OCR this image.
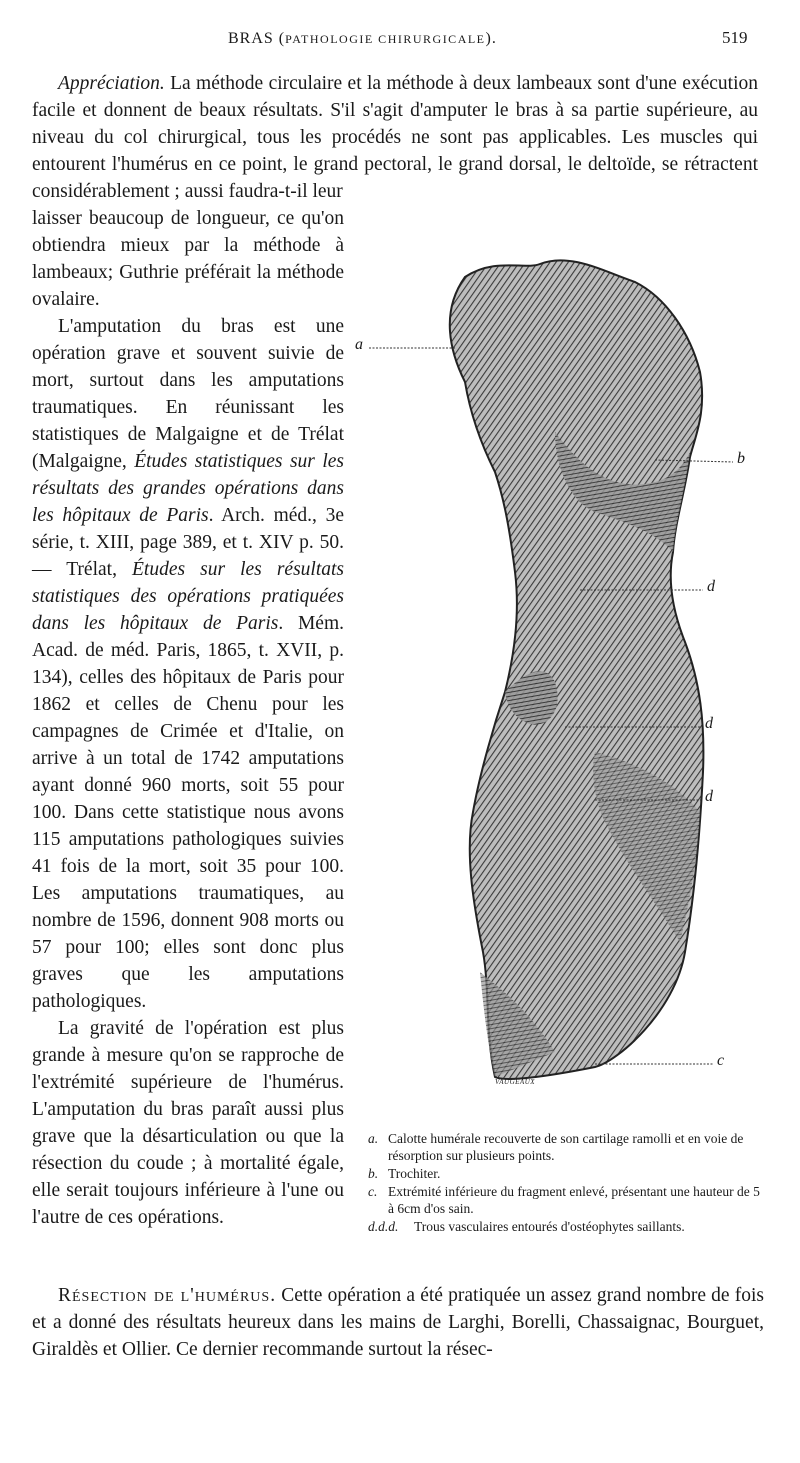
BRAS (PATHOLOGIE CHIRURGICALE).	519

Appréciation. La méthode circulaire et la méthode à deux lambeaux sont d'une exécution facile et donnent de beaux résultats. S'il s'agit d'amputer le bras à sa partie supérieure, au niveau du col chirurgical, tous les procédés ne sont pas applicables. Les muscles qui entourent l'humérus en ce point, le grand pectoral, le grand dorsal, le deltoïde, se rétractent considérablement ; aussi faudra-t-il leur

laisser beaucoup de longueur, ce qu'on obtiendra mieux par la méthode à lambeaux; Guthrie préférait la méthode ovalaire.

L'amputation du bras est une opération grave et souvent suivie de mort, surtout dans les amputations traumatiques. En réunissant les statistiques de Malgaigne et de Trélat (Malgaigne, Études statistiques sur les résultats des grandes opérations dans les hôpitaux de Paris. Arch. méd., 3e série, t. XIII, page 389, et t. XIV p. 50. — Trélat, Études sur les résultats statistiques des opérations pratiquées dans les hôpitaux de Paris. Mém. Acad. de méd. Paris, 1865, t. XVII, p. 134), celles des hôpitaux de Paris pour 1862 et celles de Chenu pour les campagnes de Crimée et d'Italie, on arrive à un total de 1742 amputations ayant donné 960 morts, soit 55 pour 100. Dans cette statistique nous avons 115 amputations pathologiques suivies 41 fois de la mort, soit 35 pour 100. Les amputations traumatiques, au nombre de 1596, donnent 908 morts ou 57 pour 100; elles sont donc plus graves que les amputations pathologiques.

La gravité de l'opération est plus grande à mesure qu'on se rapproche de l'extrémité supérieure de l'humérus. L'amputation du bras paraît aussi plus grave que la désarticulation ou que la résection du coude ; à mortalité égale, elle serait toujours inférieure à l'une ou l'autre de ces opérations.

a
b
d
d
d
c
VAUGEAUX
a. Calotte humérale recouverte de son cartilage ramolli et en voie de résorption sur plusieurs points.
b. Trochiter.
c. Extrémité inférieure du fragment enlevé, présentant une hauteur de 5 à 6cm d'os sain.
d.d.d. Trous vasculaires entourés d'ostéophytes saillants.

Résection de l'humérus. Cette opération a été pratiquée un assez grand nombre de fois et a donné des résultats heureux dans les mains de Larghi, Borelli, Chassaignac, Bourguet, Giraldès et Ollier. Ce dernier recommande surtout la résec-
